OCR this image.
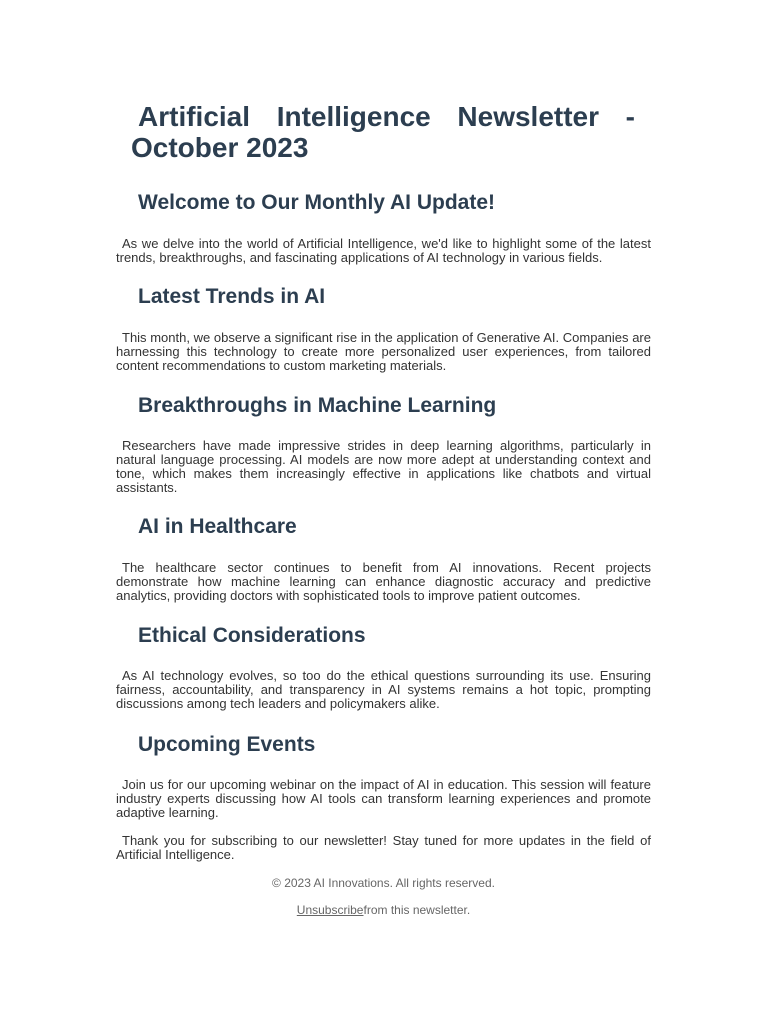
Artificial Intelligence Newsletter -
October 2023
Welcome to Our Monthly AI Update!

As we delve into the world of Artificial Intelligence, we'd like to highlight some of the latest trends, breakthroughs, and fascinating applications of AI technology in various fields.

Latest Trends in AI

This month, we observe a significant rise in the application of Generative AI. Companies are harnessing this technology to create more personalized user experiences, from tailored content recommendations to custom marketing materials.

Breakthroughs in Machine Learning

Researchers have made impressive strides in deep learning algorithms, particularly in natural language processing. AI models are now more adept at understanding context and tone, which makes them increasingly effective in applications like chatbots and virtual assistants.

AI in Healthcare

The healthcare sector continues to benefit from AI innovations. Recent projects demonstrate how machine learning can enhance diagnostic accuracy and predictive analytics, providing doctors with sophisticated tools to improve patient outcomes.

Ethical Considerations

As AI technology evolves, so too do the ethical questions surrounding its use. Ensuring fairness, accountability, and transparency in AI systems remains a hot topic, prompting discussions among tech leaders and policymakers alike.

Upcoming Events

Join us for our upcoming webinar on the impact of AI in education. This session will feature industry experts discussing how AI tools can transform learning experiences and promote adaptive learning.

Thank you for subscribing to our newsletter! Stay tuned for more updates in the field of Artificial Intelligence.

© 2023 AI Innovations. All rights reserved.

Unsubscribefrom this newsletter.
